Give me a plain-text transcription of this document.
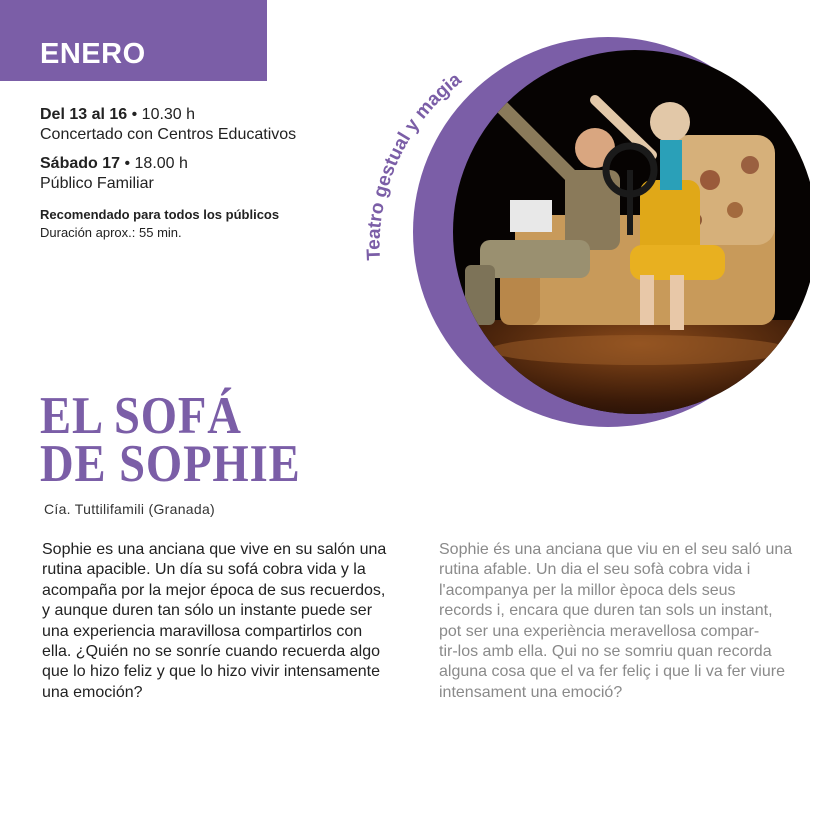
ENERO

Del 13 al 16 • 10.30 h

Concertado con Centros Educativos

Sábado 17 • 18.00 h

Público Familiar

Recomendado para todos los públicos

Duración aprox.: 55 min.

Teatro gestual y magia
EL SOFÁ
DE SOPHIE
Cía. Tuttilifamili (Granada)
Sophie es una anciana que vive en su salón una
rutina apacible. Un día su sofá cobra vida y la
acompaña por la mejor época de sus recuerdos,
y aunque duren tan sólo un instante puede ser
una experiencia maravillosa compartirlos con
ella. ¿Quién no se sonríe cuando recuerda algo
que lo hizo feliz y que lo hizo vivir intensamente
una emoción?
Sophie és una anciana que viu en el seu saló una
rutina afable. Un dia el seu sofà cobra vida i
l'acompanya per la millor època dels seus
records i, encara que duren tan sols un instant,
pot ser una experiència meravellosa compar-
tir-los amb ella. Qui no se somriu quan recorda
alguna cosa que el va fer feliç i que li va fer viure
intensament una emoció?
